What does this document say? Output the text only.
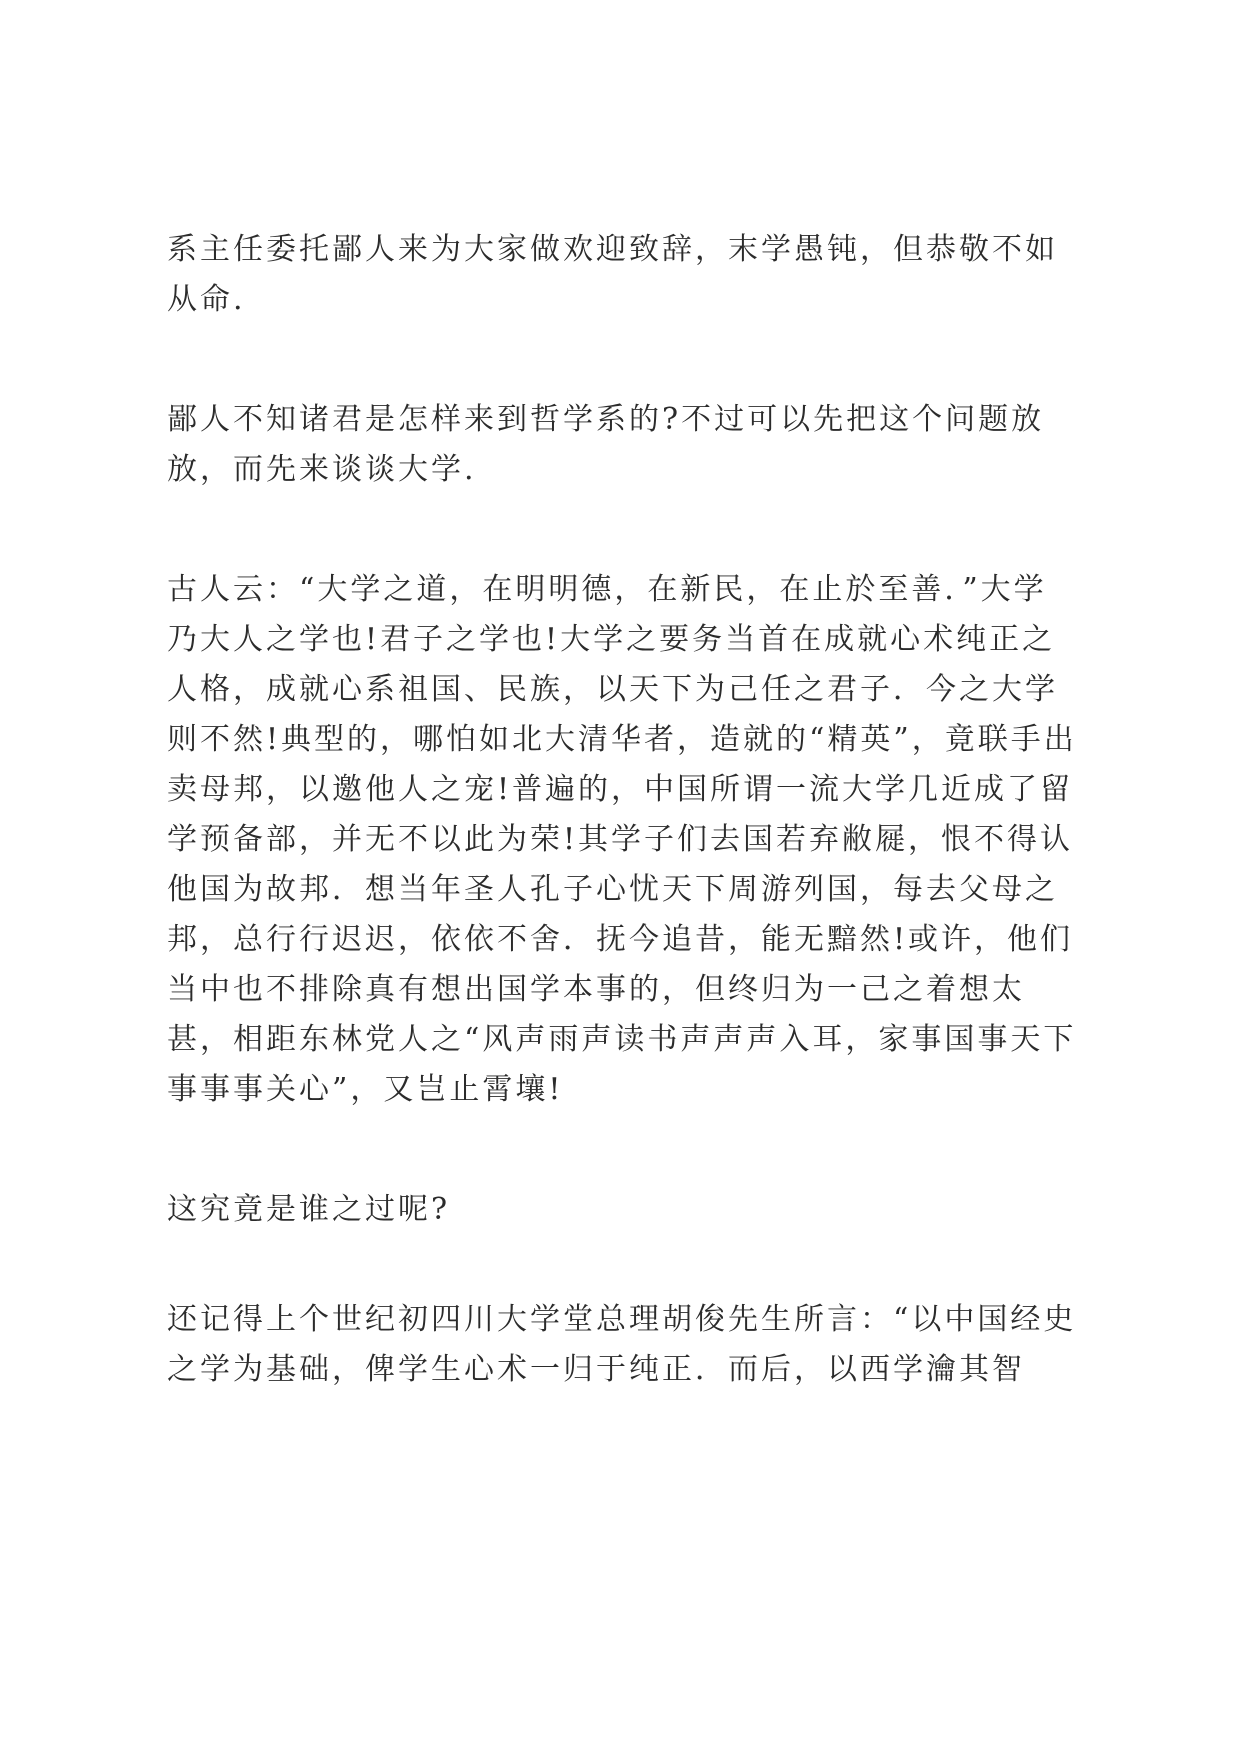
系主任委托鄙人来为大家做欢迎致辞，末学愚钝，但恭敬不如从命.

鄙人不知诸君是怎样来到哲学系的?不过可以先把这个问题放放，而先来谈谈大学.

古人云：“大学之道，在明明德，在新民，在止於至善．”大学乃大人之学也!君子之学也!大学之要务当首在成就心术纯正之人格，成就心系祖国、民族，以天下为己任之君子．今之大学则不然!典型的，哪怕如北大清华者，造就的“精英”，竟联手出卖母邦，以邀他人之宠!普遍的，中国所谓一流大学几近成了留学预备部，并无不以此为荣!其学子们去国若弃敝屣，恨不得认他国为故邦．想当年圣人孔子心忧天下周游列国，每去父母之邦，总行行迟迟，依依不舍．抚今追昔，能无黯然!或许，他们当中也不排除真有想出国学本事的，但终归为一己之着想太甚，相距东林党人之“风声雨声读书声声声入耳，家事国事天下事事事关心”，又岂止霄壤!

这究竟是谁之过呢?

还记得上个世纪初四川大学堂总理胡俊先生所言：“以中国经史之学为基础，俾学生心术一归于纯正．而后，以西学瀹其智
